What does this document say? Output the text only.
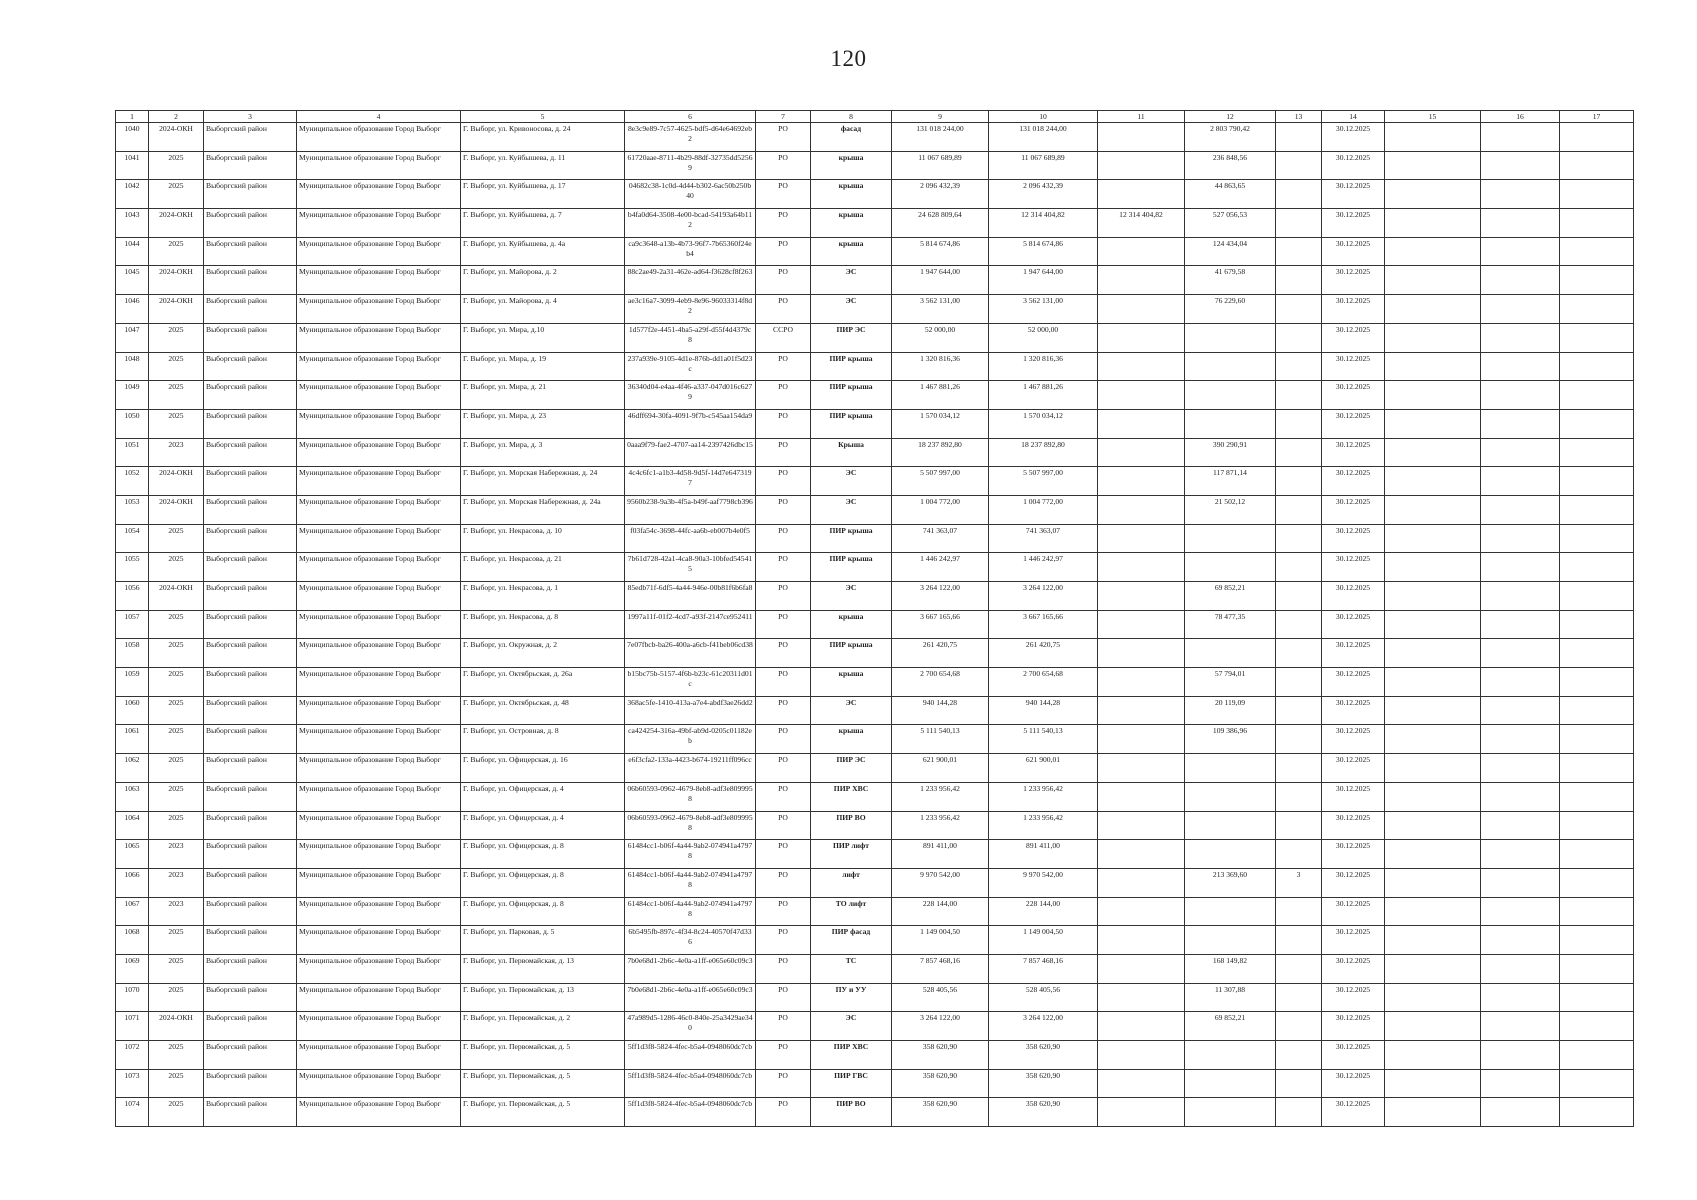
120
1	2	3	4	5	6	7	8	9	10	11	12	13	14	15	16	17
1040	2024-ОКН	Выборгский район	Муниципальное образование Город Выборг	Г. Выборг, ул. Кривоносова, д. 24	8e3c9e89-7c57-4625-bdf5-d64e64692eb2	РО	фасад	131 018 244,00	131 018 244,00		2 803 790,42		30.12.2025			
1041	2025	Выборгский район	Муниципальное образование Город Выборг	Г. Выборг, ул. Куйбышева, д. 11	61720aae-8711-4b29-88df-32735dd52569	РО	крыша	11 067 689,89	11 067 689,89		236 848,56		30.12.2025			
1042	2025	Выборгский район	Муниципальное образование Город Выборг	Г. Выборг, ул. Куйбышева, д. 17	04682c38-1c0d-4d44-b302-6ac50b250b40	РО	крыша	2 096 432,39	2 096 432,39		44 863,65		30.12.2025			
1043	2024-ОКН	Выборгский район	Муниципальное образование Город Выборг	Г. Выборг, ул. Куйбышева, д. 7	b4fa0d64-3508-4e00-bcad-54193a64b112	РО	крыша	24 628 809,64	12 314 404,82	12 314 404,82	527 056,53		30.12.2025			
1044	2025	Выборгский район	Муниципальное образование Город Выборг	Г. Выборг, ул. Куйбышева, д. 4а	ca9c3648-a13b-4b73-96f7-7b65360f24eb4	РО	крыша	5 814 674,86	5 814 674,86		124 434,04		30.12.2025			
1045	2024-ОКН	Выборгский район	Муниципальное образование Город Выборг	Г. Выборг, ул. Майорова, д. 2	88c2ae49-2a31-462e-ad64-f3628cf8f263	РО	ЭС	1 947 644,00	1 947 644,00		41 679,58		30.12.2025			
1046	2024-ОКН	Выборгский район	Муниципальное образование Город Выборг	Г. Выборг, ул. Майорова, д. 4	ae3c16a7-3099-4eb9-8e96-96033314f8d2	РО	ЭС	3 562 131,00	3 562 131,00		76 229,60		30.12.2025			
1047	2025	Выборгский район	Муниципальное образование Город Выборг	Г. Выборг, ул. Мира, д.10	1d577f2e-4451-4ba5-a29f-d55f4d4379c8	ССРО	ПИР ЭС	52 000,00	52 000,00				30.12.2025			
1048	2025	Выборгский район	Муниципальное образование Город Выборг	Г. Выборг, ул. Мира, д. 19	237a939e-9105-4d1e-876b-dd1a01f5d23c	РО	ПИР крыша	1 320 816,36	1 320 816,36				30.12.2025			
1049	2025	Выборгский район	Муниципальное образование Город Выборг	Г. Выборг, ул. Мира, д. 21	36340d04-e4aa-4f46-a337-047d016c6279	РО	ПИР крыша	1 467 881,26	1 467 881,26				30.12.2025			
1050	2025	Выборгский район	Муниципальное образование Город Выборг	Г. Выборг, ул. Мира, д. 23	46dff694-30fa-4091-9f7b-c545aa154da9	РО	ПИР крыша	1 570 034,12	1 570 034,12				30.12.2025			
1051	2023	Выборгский район	Муниципальное образование Город Выборг	Г. Выборг, ул. Мира, д. 3	0aaa9f79-fae2-4707-aa14-2397426dbc15	РО	Крыша	18 237 892,80	18 237 892,80		390 290,91		30.12.2025			
1052	2024-ОКН	Выборгский район	Муниципальное образование Город Выборг	Г. Выборг, ул. Морская Набережная, д. 24	4c4c6fc1-a1b3-4d58-9d5f-14d7e6473197	РО	ЭС	5 507 997,00	5 507 997,00		117 871,14		30.12.2025			
1053	2024-ОКН	Выборгский район	Муниципальное образование Город Выборг	Г. Выборг, ул. Морская Набережная, д. 24а	9560b238-9a3b-4f5a-b49f-aaf7798cb396	РО	ЭС	1 004 772,00	1 004 772,00		21 502,12		30.12.2025			
1054	2025	Выборгский район	Муниципальное образование Город Выборг	Г. Выборг, ул. Некрасова, д. 10	f03fa54c-3698-44fc-aa6b-eb007b4e0f5	РО	ПИР крыша	741 363,07	741 363,07				30.12.2025			
1055	2025	Выборгский район	Муниципальное образование Город Выборг	Г. Выборг, ул. Некрасова, д. 21	7b61d728-42a1-4ca8-90a3-10bfed545415	РО	ПИР крыша	1 446 242,97	1 446 242,97				30.12.2025			
1056	2024-ОКН	Выборгский район	Муниципальное образование Город Выборг	Г. Выборг, ул. Некрасова, д. 1	85edb71f-6df5-4a44-946e-00b81f6b6fa8	РО	ЭС	3 264 122,00	3 264 122,00		69 852,21		30.12.2025			
1057	2025	Выборгский район	Муниципальное образование Город Выборг	Г. Выборг, ул. Некрасова, д. 8	1997a11f-01f2-4cd7-a93f-2147ce952411	РО	крыша	3 667 165,66	3 667 165,66		78 477,35		30.12.2025			
1058	2025	Выборгский район	Муниципальное образование Город Выборг	Г. Выборг, ул. Окружная, д. 2	7e07fbcb-ba26-400a-a6cb-f41beb06cd38	РО	ПИР крыша	261 420,75	261 420,75				30.12.2025			
1059	2025	Выборгский район	Муниципальное образование Город Выборг	Г. Выборг, ул. Октябрьская, д. 26а	b15bc75b-5157-4f6b-b23c-61c20311d01c	РО	крыша	2 700 654,68	2 700 654,68		57 794,01		30.12.2025			
1060	2025	Выборгский район	Муниципальное образование Город Выборг	Г. Выборг, ул. Октябрьская, д. 48	368ac5fe-1410-413a-a7e4-abdf3ae26dd2	РО	ЭС	940 144,28	940 144,28		20 119,09		30.12.2025			
1061	2025	Выборгский район	Муниципальное образование Город Выборг	Г. Выборг, ул. Островная, д. 8	ca424254-316a-49bf-ab9d-0205c01182eb	РО	крыша	5 111 540,13	5 111 540,13		109 386,96		30.12.2025			
1062	2025	Выборгский район	Муниципальное образование Город Выборг	Г. Выборг, ул. Офицерская, д. 16	e6f3cfa2-133a-4423-b674-19211ff096cc	РО	ПИР ЭС	621 900,01	621 900,01				30.12.2025			
1063	2025	Выборгский район	Муниципальное образование Город Выборг	Г. Выборг, ул. Офицерская, д. 4	06b60593-0962-4679-8eb8-adf3e8099958	РО	ПИР ХВС	1 233 956,42	1 233 956,42				30.12.2025			
1064	2025	Выборгский район	Муниципальное образование Город Выборг	Г. Выборг, ул. Офицерская, д. 4	06b60593-0962-4679-8eb8-adf3e8099958	РО	ПИР ВО	1 233 956,42	1 233 956,42				30.12.2025			
1065	2023	Выборгский район	Муниципальное образование Город Выборг	Г. Выборг, ул. Офицерская, д. 8	61484cc1-b06f-4a44-9ab2-074941a47978	РО	ПИР лифт	891 411,00	891 411,00				30.12.2025			
1066	2023	Выборгский район	Муниципальное образование Город Выборг	Г. Выборг, ул. Офицерская, д. 8	61484cc1-b06f-4a44-9ab2-074941a47978	РО	лифт	9 970 542,00	9 970 542,00		213 369,60	3	30.12.2025			
1067	2023	Выборгский район	Муниципальное образование Город Выборг	Г. Выборг, ул. Офицерская, д. 8	61484cc1-b06f-4a44-9ab2-074941a47978	РО	ТО лифт	228 144,00	228 144,00				30.12.2025			
1068	2025	Выборгский район	Муниципальное образование Город Выборг	Г. Выборг, ул. Парковая, д. 5	6b5495fb-897c-4f34-8c24-40570f47d336	РО	ПИР фасад	1 149 004,50	1 149 004,50				30.12.2025			
1069	2025	Выборгский район	Муниципальное образование Город Выборг	Г. Выборг, ул. Первомайская, д. 13	7b0e68d1-2b6c-4e0a-a1ff-e065e60c09c3	РО	ТС	7 857 468,16	7 857 468,16		168 149,82		30.12.2025			
1070	2025	Выборгский район	Муниципальное образование Город Выборг	Г. Выборг, ул. Первомайская, д. 13	7b0e68d1-2b6c-4e0a-a1ff-e065e60c09c3	РО	ПУ и УУ	528 405,56	528 405,56		11 307,88		30.12.2025			
1071	2024-ОКН	Выборгский район	Муниципальное образование Город Выборг	Г. Выборг, ул. Первомайская, д. 2	47a989d5-1286-46c0-840e-25a3429ae340	РО	ЭС	3 264 122,00	3 264 122,00		69 852,21		30.12.2025			
1072	2025	Выборгский район	Муниципальное образование Город Выборг	Г. Выборг, ул. Первомайская, д. 5	5ff1d3f8-5824-4fec-b5a4-0948060dc7cb	РО	ПИР ХВС	358 620,90	358 620,90				30.12.2025			
1073	2025	Выборгский район	Муниципальное образование Город Выборг	Г. Выборг, ул. Первомайская, д. 5	5ff1d3f8-5824-4fec-b5a4-0948060dc7cb	РО	ПИР ГВС	358 620,90	358 620,90				30.12.2025			
1074	2025	Выборгский район	Муниципальное образование Город Выборг	Г. Выборг, ул. Первомайская, д. 5	5ff1d3f8-5824-4fec-b5a4-0948060dc7cb	РО	ПИР ВО	358 620,90	358 620,90				30.12.2025			
